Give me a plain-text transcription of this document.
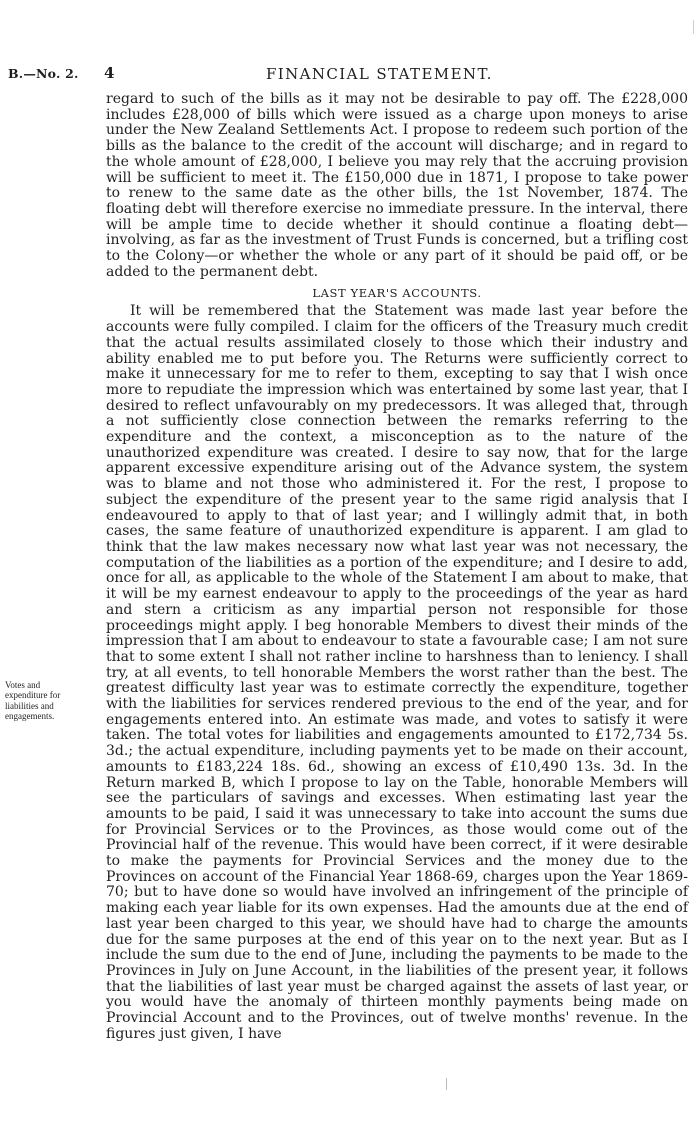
B.—No. 2. 4	FINANCIAL STATEMENT.
Votes and expenditure for liabilities and engagements.

regard to such of the bills as it may not be desirable to pay off. The £228,000 includes £28,000 of bills which were issued as a charge upon moneys to arise under the New Zealand Settlements Act. I propose to redeem such portion of the bills as the balance to the credit of the account will discharge; and in regard to the whole amount of £28,000, I believe you may rely that the accruing provision will be sufficient to meet it. The £150,000 due in 1871, I propose to take power to renew to the same date as the other bills, the 1st November, 1874. The floating debt will therefore exercise no immediate pressure. In the interval, there will be ample time to decide whether it should continue a floating debt—involving, as far as the investment of Trust Funds is concerned, but a trifling cost to the Colony—or whether the whole or any part of it should be paid off, or be added to the permanent debt.

LAST YEAR'S ACCOUNTS.

It will be remembered that the Statement was made last year before the accounts were fully compiled. I claim for the officers of the Treasury much credit that the actual results assimilated closely to those which their industry and ability enabled me to put before you. The Returns were sufficiently correct to make it unnecessary for me to refer to them, excepting to say that I wish once more to repudiate the impression which was entertained by some last year, that I desired to reflect unfavourably on my predecessors. It was alleged that, through a not sufficiently close connection between the remarks referring to the expenditure and the context, a misconception as to the nature of the unauthorized expenditure was created. I desire to say now, that for the large apparent excessive expenditure arising out of the Advance system, the system was to blame and not those who administered it. For the rest, I propose to subject the expenditure of the present year to the same rigid analysis that I endeavoured to apply to that of last year; and I willingly admit that, in both cases, the same feature of unauthorized expenditure is apparent. I am glad to think that the law makes necessary now what last year was not necessary, the computation of the liabilities as a portion of the expenditure; and I desire to add, once for all, as applicable to the whole of the Statement I am about to make, that it will be my earnest endeavour to apply to the proceedings of the year as hard and stern a criticism as any impartial person not responsible for those proceedings might apply. I beg honorable Members to divest their minds of the impression that I am about to endeavour to state a favourable case; I am not sure that to some extent I shall not rather incline to harshness than to leniency. I shall try, at all events, to tell honorable Members the worst rather than the best. The greatest difficulty last year was to estimate correctly the expenditure, together with the liabilities for services rendered previous to the end of the year, and for engagements entered into. An estimate was made, and votes to satisfy it were taken. The total votes for liabilities and engagements amounted to £172,734 5s. 3d.; the actual expenditure, including payments yet to be made on their account, amounts to £183,224 18s. 6d., showing an excess of £10,490 13s. 3d. In the Return marked B, which I propose to lay on the Table, honorable Members will see the particulars of savings and excesses. When estimating last year the amounts to be paid, I said it was unnecessary to take into account the sums due for Provincial Services or to the Provinces, as those would come out of the Provincial half of the revenue. This would have been correct, if it were desirable to make the payments for Provincial Services and the money due to the Provinces on account of the Financial Year 1868-69, charges upon the Year 1869-70; but to have done so would have involved an infringement of the principle of making each year liable for its own expenses. Had the amounts due at the end of last year been charged to this year, we should have had to charge the amounts due for the same purposes at the end of this year on to the next year. But as I include the sum due to the end of June, including the payments to be made to the Provinces in July on June Account, in the liabilities of the present year, it follows that the liabilities of last year must be charged against the assets of last year, or you would have the anomaly of thirteen monthly payments being made on Provincial Account and to the Provinces, out of twelve months' revenue. In the figures just given, I have
